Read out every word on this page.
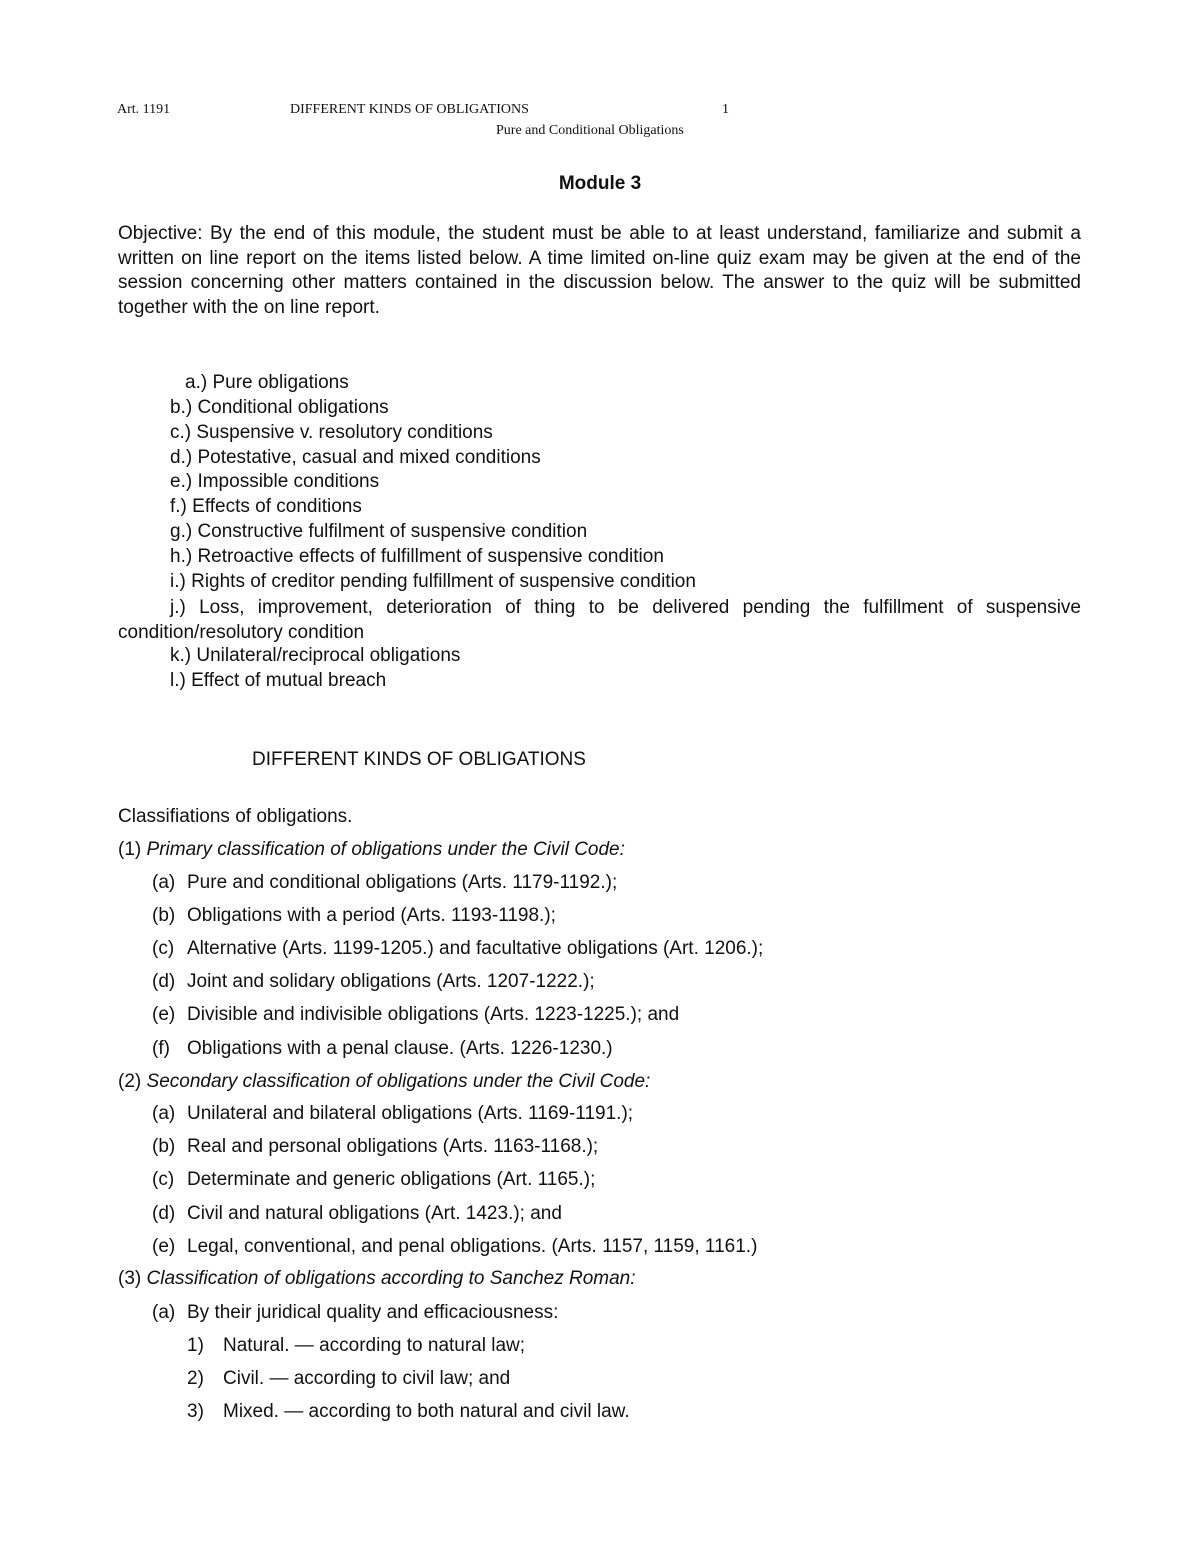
Art. 1191	DIFFERENT KINDS OF OBLIGATIONS	1
Pure and Conditional Obligations
Module 3
Objective: By the end of this module, the student must be able to at least understand, familiarize and submit a written on line report on the items listed below. A time limited on-line quiz exam may be given at the end of the session concerning other matters contained in the discussion below. The answer to the quiz will be submitted together with the on line report.
a.) Pure obligations
b.) Conditional obligations
c.) Suspensive v. resolutory conditions
d.) Potestative, casual and mixed conditions
e.) Impossible conditions
f.) Effects of conditions
g.) Constructive fulfilment of suspensive condition
h.) Retroactive effects of fulfillment of suspensive condition
i.) Rights of creditor pending fulfillment of suspensive condition
j.) Loss, improvement, deterioration of thing to be delivered pending the fulfillment of suspensive condition/resolutory condition
k.) Unilateral/reciprocal obligations
l.) Effect of mutual breach
DIFFERENT KINDS OF OBLIGATIONS
Classifiations of obligations.
(1) Primary classification of obligations under the Civil Code:
(a) Pure and conditional obligations (Arts. 1179-1192.);
(b) Obligations with a period (Arts. 1193-1198.);
(c) Alternative (Arts. 1199-1205.) and facultative obligations (Art. 1206.);
(d) Joint and solidary obligations (Arts. 1207-1222.);
(e) Divisible and indivisible obligations (Arts. 1223-1225.); and
(f) Obligations with a penal clause. (Arts. 1226-1230.)
(2) Secondary classification of obligations under the Civil Code:
(a) Unilateral and bilateral obligations (Arts. 1169-1191.);
(b) Real and personal obligations (Arts. 1163-1168.);
(c) Determinate and generic obligations (Art. 1165.);
(d) Civil and natural obligations (Art. 1423.); and
(e) Legal, conventional, and penal obligations. (Arts. 1157, 1159, 1161.)
(3) Classification of obligations according to Sanchez Roman:
(a) By their juridical quality and efficaciousness:
1) Natural. — according to natural law;
2) Civil. — according to civil law; and
3) Mixed. — according to both natural and civil law.
